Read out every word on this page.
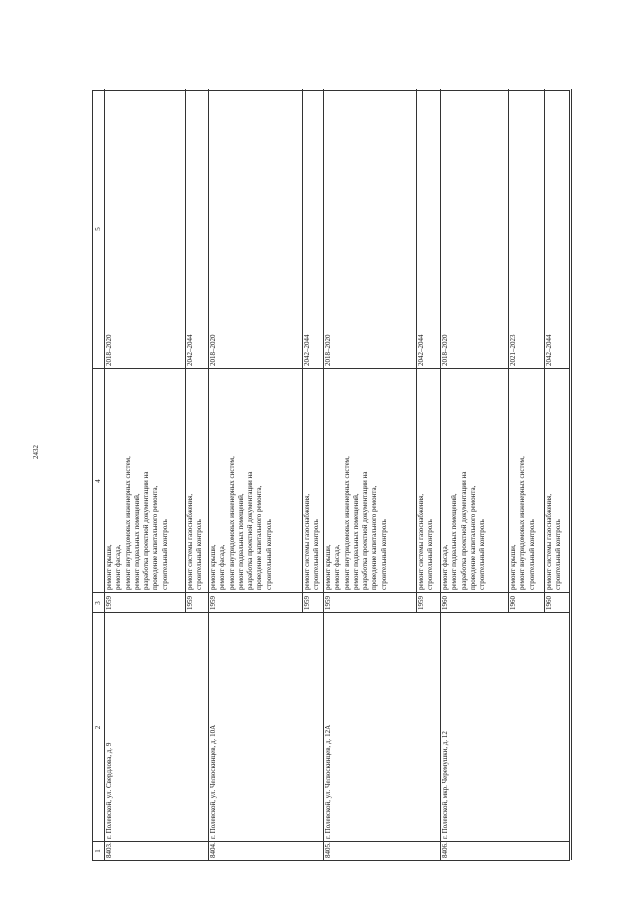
2432
1
2
3
4
5
8403.
г. Полевской, ул. Свердлова, д. 9
1959
ремонт крыши, ремонт фасада, ремонт внутридомовых инженерных систем, ремонт подвальных помещений, разработка проектной документации на проведение капитального ремонта, строительный контроль
2018–2020
1959
ремонт системы газоснабжения, строительный контроль
2042–2044
8404.
г. Полевской, ул. Челюскинцев, д. 10А
1959
ремонт крыши, ремонт фасада, ремонт внутридомовых инженерных систем, ремонт подвальных помещений, разработка проектной документации на проведение капитального ремонта, строительный контроль
2018–2020
1959
ремонт системы газоснабжения, строительный контроль
2042–2044
8405.
г. Полевской, ул. Челюскинцев, д. 12А
1959
ремонт крыши, ремонт фасада, ремонт внутридомовых инженерных систем, ремонт подвальных помещений, разработка проектной документации на проведение капитального ремонта, строительный контроль
2018–2020
1959
ремонт системы газоснабжения, строительный контроль
2042–2044
8406.
г. Полевской, мкр. Черемушки, д. 12
1960
ремонт фасада, ремонт подвальных помещений, разработка проектной документации на проведение капитального ремонта, строительный контроль
2018–2020
1960
ремонт крыши, ремонт внутридомовых инженерных систем, строительный контроль
2021–2023
1960
ремонт системы газоснабжения, строительный контроль
2042–2044
